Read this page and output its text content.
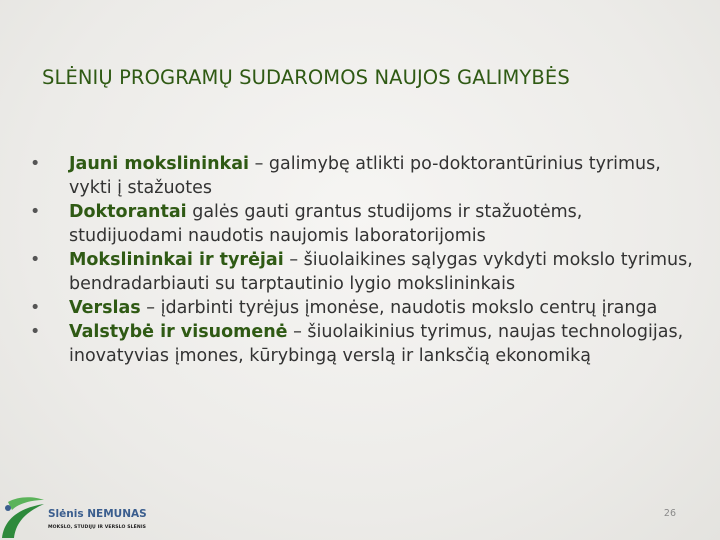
SLĖNIŲ PROGRAMŲ SUDAROMOS NAUJOS GALIMYBĖS
• Jauni mokslininkai – galimybę atlikti po-doktorantūrinius tyrimus, vykti į stažuotes
• Doktorantai galės gauti grantus studijoms ir stažuotėms, studijuodami naudotis naujomis laboratorijomis
• Mokslininkai ir tyrėjai – šiuolaikines sąlygas vykdyti mokslo tyrimus, bendradarbiauti su tarptautinio lygio mokslininkais
• Verslas – įdarbinti tyrėjus įmonėse, naudotis mokslo centrų įranga
• Valstybė ir visuomenė – šiuolaikinius tyrimus, naujas technologijas, inovatyvias įmones, kūrybingą verslą ir lanksčią ekonomiką
Slėnis NEMUNAS
MOKSLO, STUDIJŲ IR VERSLO SLĖNIS
26
